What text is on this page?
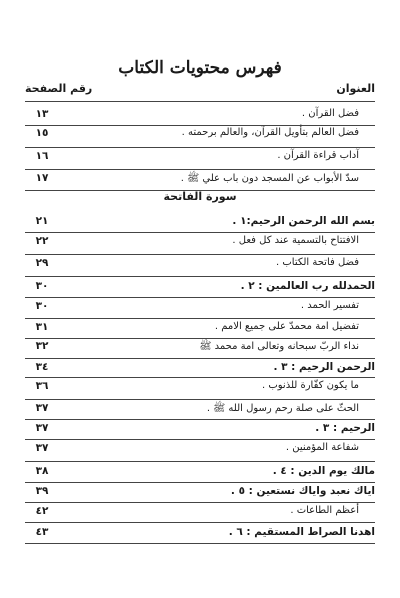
فهرس محتويات الكتاب
العنوان
رقم الصفحة
سورة الفاتحة
فضل القرآن .
١٣
فضل العالم بتأويل القرآن، والعالم برحمته .
١٥
آداب قراءة القرآن .
١٦
سدّ الأبواب عن المسجد دون باب علي ﷺ .
١٧
بسم الله الرحمن الرحيم:١ .
٢١
الافتتاح بالتسمية عند كل فعل .
٢٢
فضل فاتحة الكتاب .
٢٩
الحمدلله رب العالمين : ٢ .
٣٠
تفسير الحمد .
٣٠
تفضيل امة محمدّ على جميع الامم .
٣١
نداء الربّ سبحانه وتعالى امة محمد ﷺ
٣٢
الرحمن الرحيم : ٣ .
٣٤
ما يكون كفّارة للذنوب .
٣٦
الحثّ على صلة رحم رسول الله ﷺ .
٣٧
الرحيم : ٣ .
٣٧
شفاعة المؤمنين .
٣٧
مالك يوم الدين : ٤ .
٣٨
اياك نعبد واياك نستعين : ٥ .
٣٩
أعظم الطاعات .
٤٢
اهدنا الصراط المستقيم : ٦ .
٤٣
